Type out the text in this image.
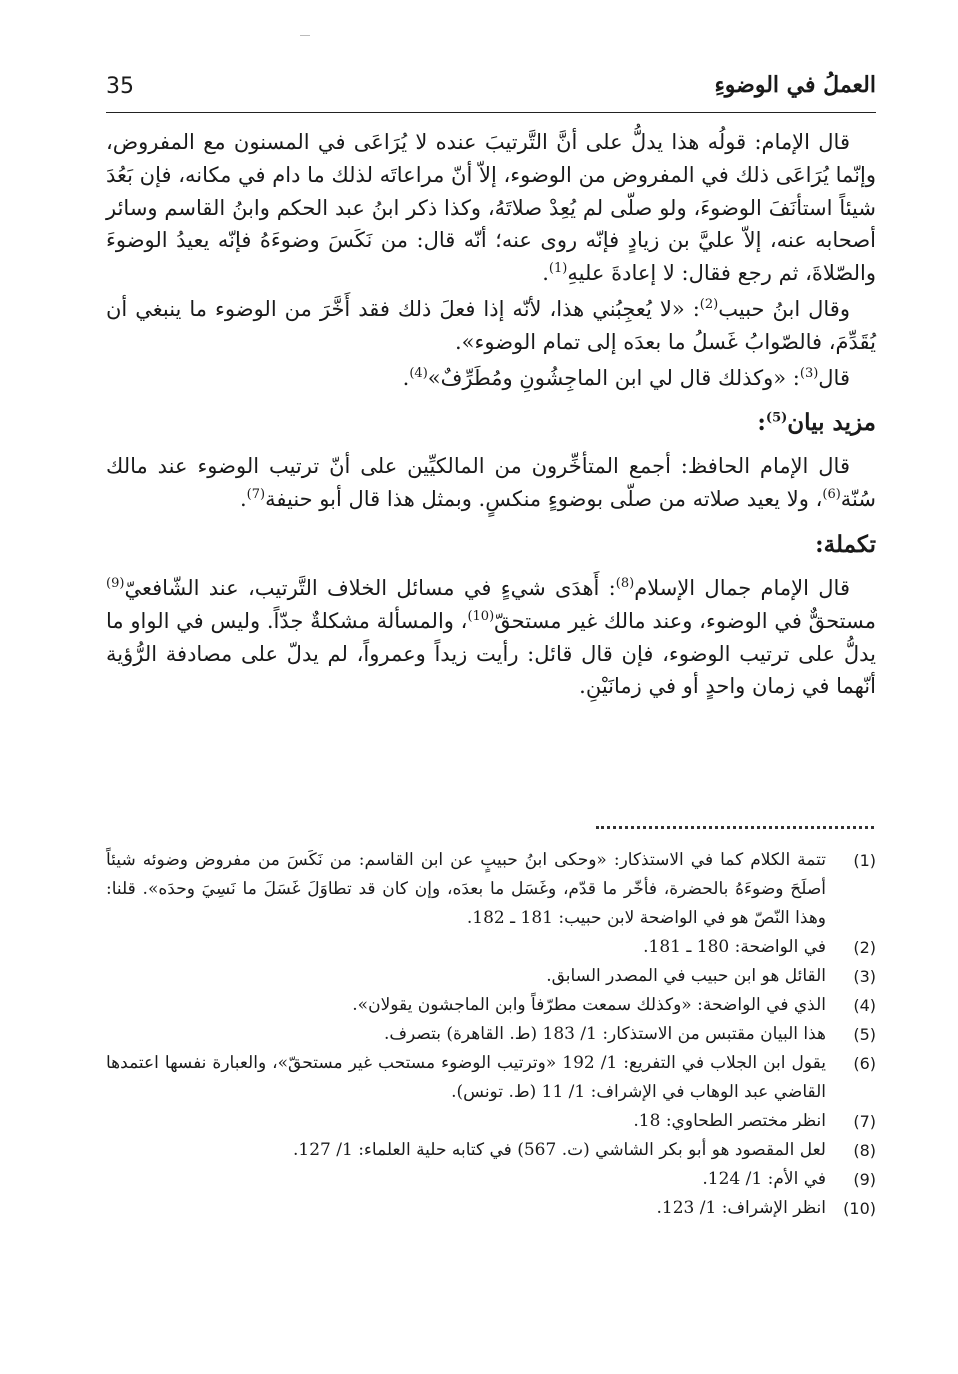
35	العملُ في الوضوءِ

قال الإمام: قولُه هذا يدلُّ على أنَّ التَّرتيبَ عنده لا يُرَاعَى في المسنون مع المفروض، وإنّما يُرَاعَى ذلك في المفروض من الوضوء، إلاّ أنّ مراعاتَه لذلك ما دام في مكانه، فإن بَعُدَ شيئاً استأنَفَ الوضوءَ، ولو صلّى لم يُعِدْ صلاتَهُ، وكذا ذكر ابنُ عبد الحكم وابنُ القاسم وسائر أصحابه عنه، إلاّ عليَّ بن زيادٍ فإنّه روى عنه؛ أنّه قال: من نَكَسَ وضوءَهُ فإنّه يعيدُ الوضوءَ والصّلاةَ، ثم رجع فقال: لا إعادةَ عليهِ$^{(1)}$.

وقال ابنُ حبيب$^{(2)}$: «لا يُعجِبُني هذا، لأنّه إذا فعلَ ذلك فقد أَخَّرَ من الوضوء ما ينبغي أن يُقَدِّمَ، فالصّوابُ غَسلُ ما بعدَه إلى تمام الوضوء».

قال$^{(3)}$: «وكذلك قال لي ابن الماجِشُونِ ومُطَرِّفٌ»$^{(4)}$.

مزيد بيان$^{(5)}$:

قال الإمام الحافظ: أجمع المتأخِّرون من المالكيِّين على أنّ ترتيب الوضوء عند مالك سُنّة$^{(6)}$، ولا يعيد صلاته من صلّى بوضوءٍ منكسٍ. وبمثل هذا قال أبو حنيفة$^{(7)}$.

تكملة:

قال الإمام جمال الإسلام$^{(8)}$: أَهدَى شيءٍ في مسائل الخلاف التَّرتيب، عند الشّافعيّ$^{(9)}$ مستحقٌّ في الوضوء، وعند مالك غير مستحقّ$^{(10)}$، والمسألة مشكلةٌ جدّاً. وليس في الواو ما يدلُّ على ترتيب الوضوء، فإن قال قائل: رأيت زيداً وعمرواً، لم يدلّ على مصادفة الرُّؤية أنّهما في زمان واحدٍ أو في زمانَيْنِ.

(1)
تتمة الكلام كما في الاستذكار: «وحكى ابنُ حبيبٍ عن ابن القاسم: من نَكَسَ من مفروض وضوئه شيئاً أصلَحَ وضوءَهُ بالحضرة، فأخّر ما قدّم، وغَسَل ما بعدَه، وإن كان قد تطاوَلَ غَسَلَ ما نَسِيَ وحدَه». قلنا: وهذا النّصّ هو في الواضحة لابن حبيب: 181 ـ 182.

(2)
في الواضحة: 180 ـ 181.

(3)
القائل هو ابن حبيب في المصدر السابق.

(4)
الذي في الواضحة: «وكذلك سمعت مطرّفاً وابن الماجشون يقولان».

(5)
هذا البيان مقتبس من الاستذكار: 1/ 183 (ط. القاهرة) بتصرف.

(6)
يقول ابن الجلاب في التفريع: 1/ 192 «وترتيب الوضوء مستحب غير مستحقّ»، والعبارة نفسها اعتمدها القاضي عبد الوهاب في الإشراف: 1/ 11 (ط. تونس).

(7)
انظر مختصر الطحاوي: 18.

(8)
لعل المقصود هو أبو بكر الشاشي (ت. 567) في كتابه حلية العلماء: 1/ 127.

(9)
في الأم: 1/ 124.

(10)
انظر الإشراف: 1/ 123.
